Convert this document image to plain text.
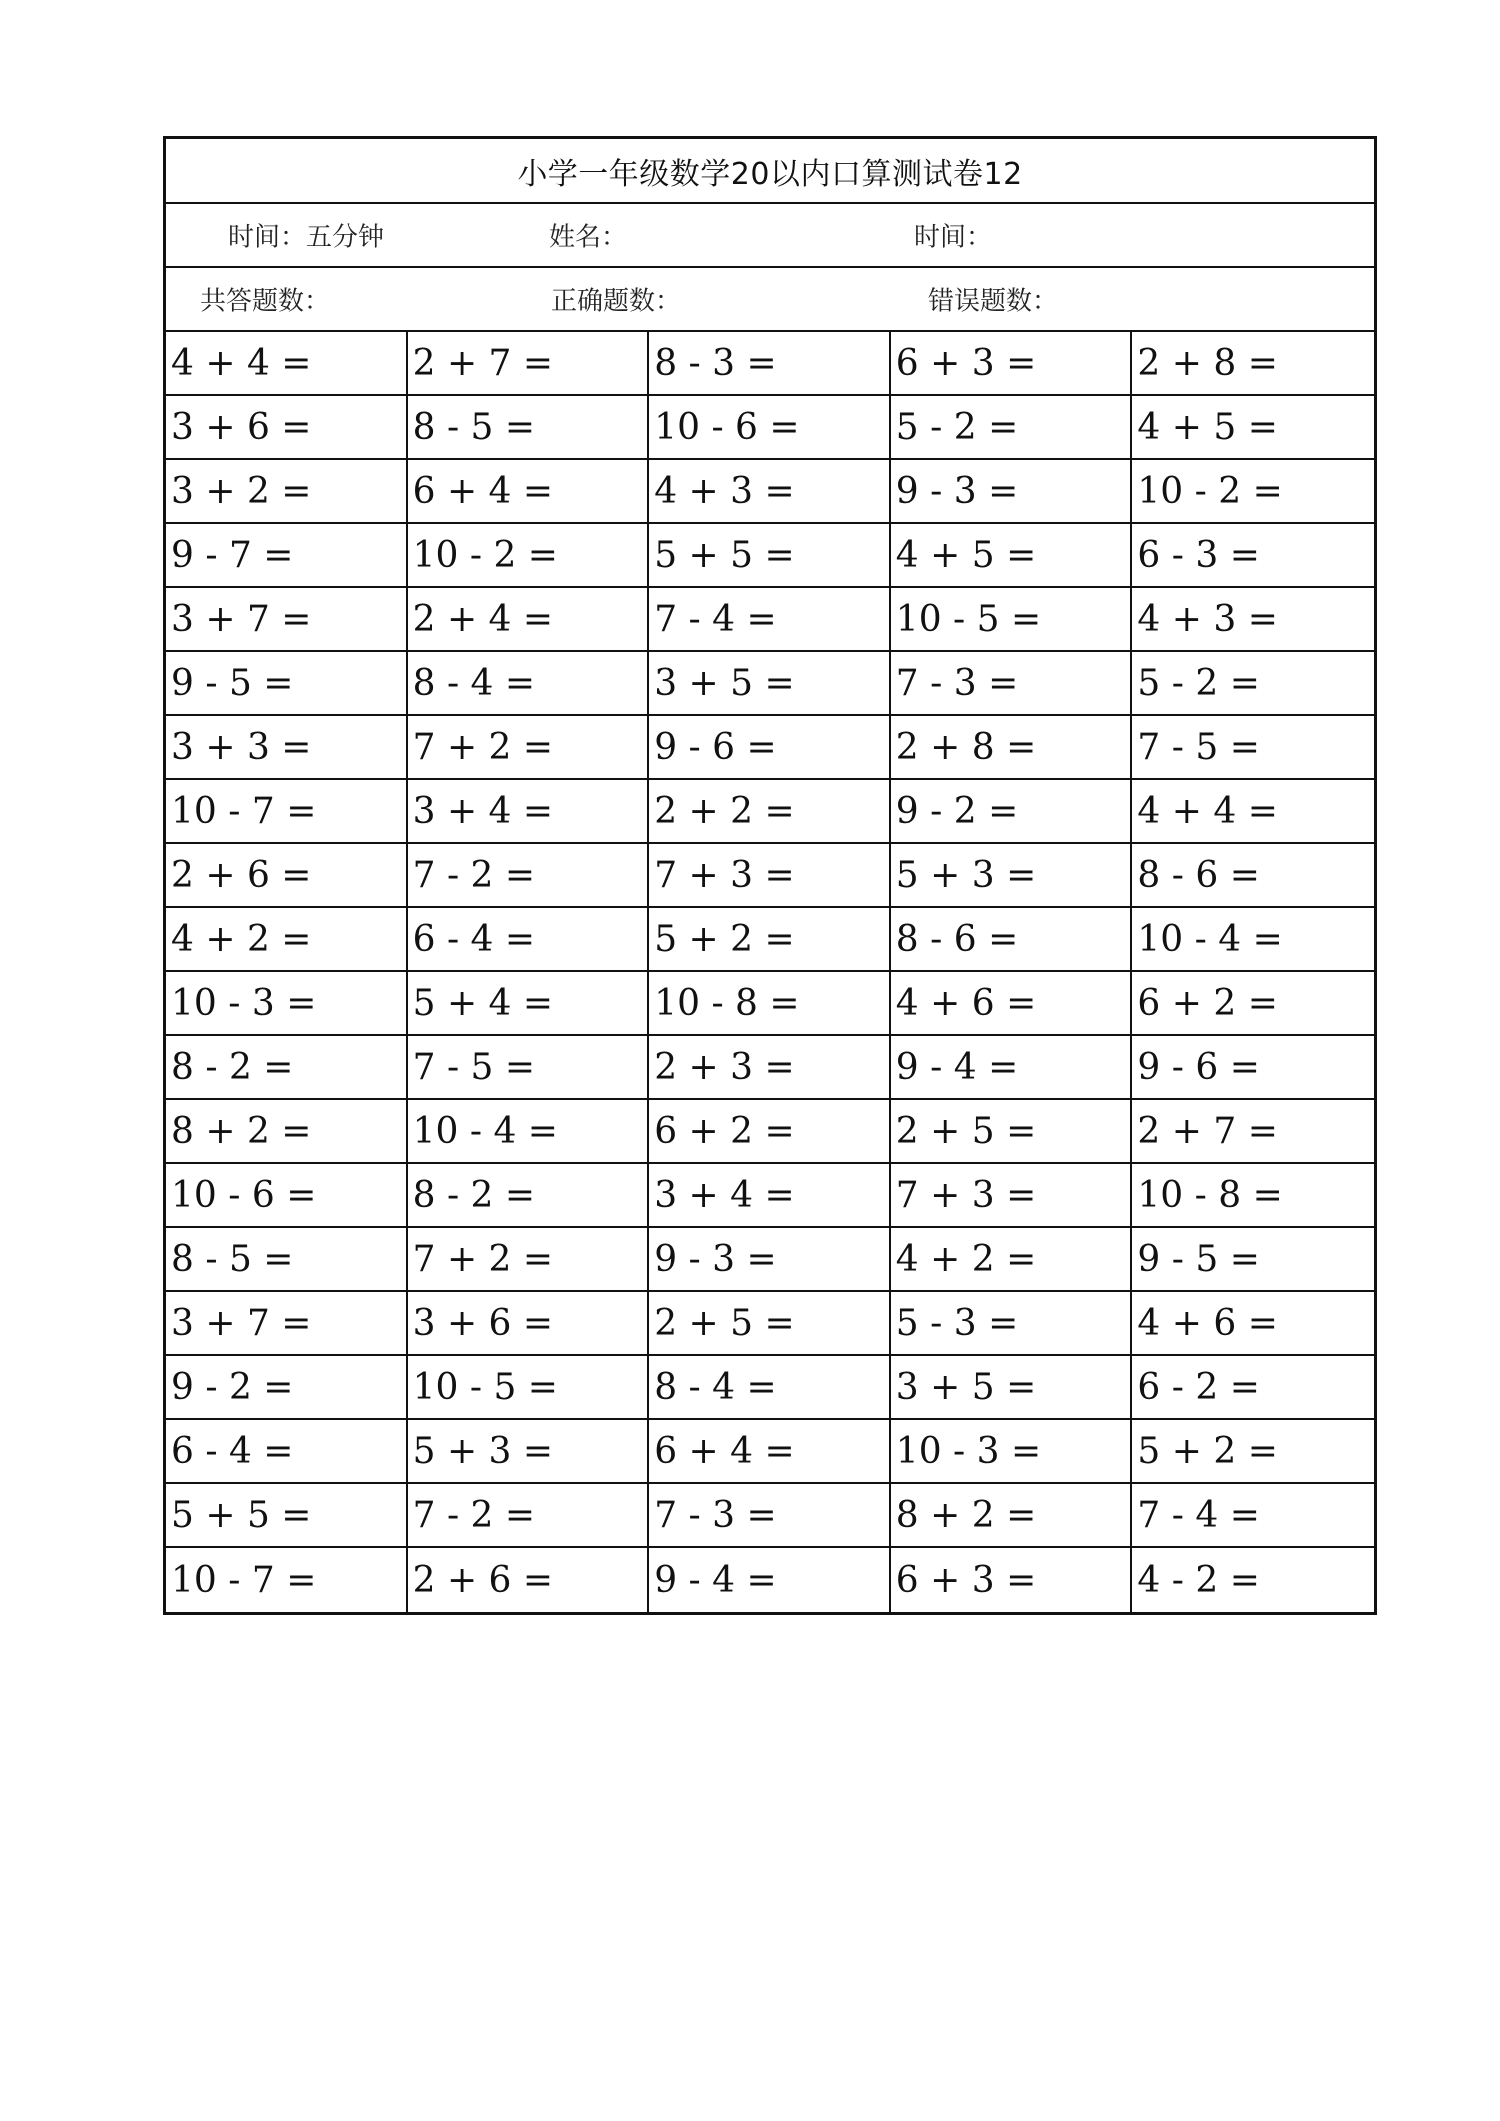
小学一年级数学20以内口算测试卷12
时间：五分钟	姓名：	时间：
共答题数：	正确题数：	错误题数：
4 + 4 =	2 + 7 =	8 - 3 =	6 + 3 =	2 + 8 =
3 + 6 =	8 - 5 =	10 - 6 =	5 - 2 =	4 + 5 =
3 + 2 =	6 + 4 =	4 + 3 =	9 - 3 =	10 - 2 =
9 - 7 =	10 - 2 =	5 + 5 =	4 + 5 =	6 - 3 =
3 + 7 =	2 + 4 =	7 - 4 =	10 - 5 =	4 + 3 =
9 - 5 =	8 - 4 =	3 + 5 =	7 - 3 =	5 - 2 =
3 + 3 =	7 + 2 =	9 - 6 =	2 + 8 =	7 - 5 =
10 - 7 =	3 + 4 =	2 + 2 =	9 - 2 =	4 + 4 =
2 + 6 =	7 - 2 =	7 + 3 =	5 + 3 =	8 - 6 =
4 + 2 =	6 - 4 =	5 + 2 =	8 - 6 =	10 - 4 =
10 - 3 =	5 + 4 =	10 - 8 =	4 + 6 =	6 + 2 =
8 - 2 =	7 - 5 =	2 + 3 =	9 - 4 =	9 - 6 =
8 + 2 =	10 - 4 =	6 + 2 =	2 + 5 =	2 + 7 =
10 - 6 =	8 - 2 =	3 + 4 =	7 + 3 =	10 - 8 =
8 - 5 =	7 + 2 =	9 - 3 =	4 + 2 =	9 - 5 =
3 + 7 =	3 + 6 =	2 + 5 =	5 - 3 =	4 + 6 =
9 - 2 =	10 - 5 =	8 - 4 =	3 + 5 =	6 - 2 =
6 - 4 =	5 + 3 =	6 + 4 =	10 - 3 =	5 + 2 =
5 + 5 =	7 - 2 =	7 - 3 =	8 + 2 =	7 - 4 =
10 - 7 =	2 + 6 =	9 - 4 =	6 + 3 =	4 - 2 =
